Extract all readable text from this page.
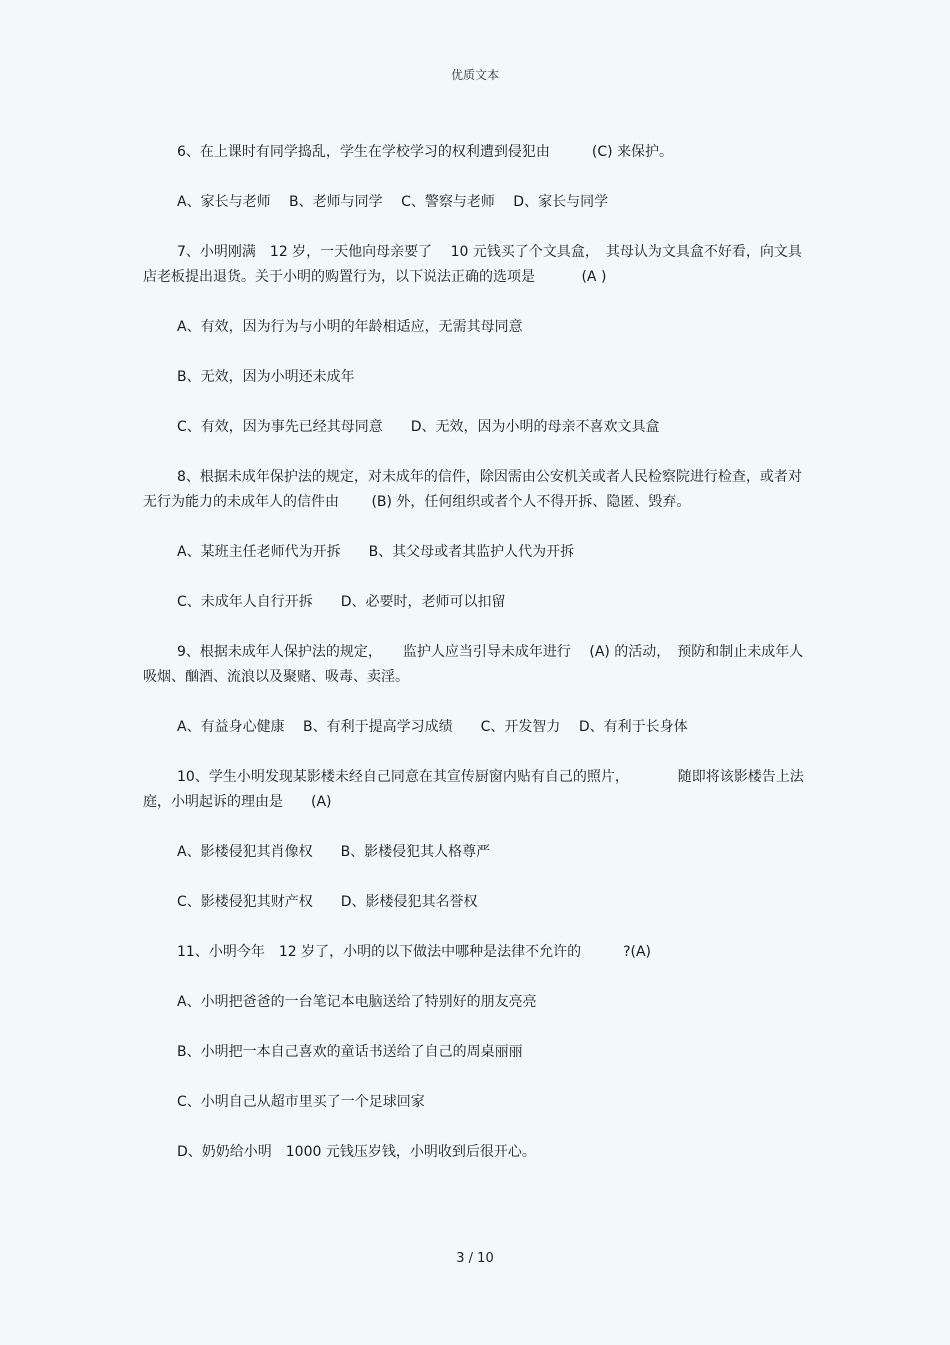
优质文本

6、在上课时有同学捣乱，学生在学校学习的权利遭到侵犯由　　　(C) 来保护。

A、家长与老师　 B、老师与同学　 C、警察与老师　 D、家长与同学

7、小明刚满　12 岁，一天他向母亲要了　 10 元钱买了个文具盒，　其母认为文具盒不好看，向文具店老板提出退货。关于小明的购置行为，以下说法正确的选项是　　　 (A )

A、有效，因为行为与小明的年龄相适应，无需其母同意

B、无效，因为小明还未成年

C、有效，因为事先已经其母同意　　D、无效，因为小明的母亲不喜欢文具盒

8、根据未成年保护法的规定，对未成年的信件，除因需由公安机关或者人民检察院进行检查，或者对无行为能力的未成年人的信件由　　 (B) 外，任何组织或者个人不得开拆、隐匿、毁弃。

A、某班主任老师代为开拆　　B、其父母或者其监护人代为开拆

C、未成年人自行开拆　　D、必要时，老师可以扣留

9、根据未成年人保护法的规定，　　监护人应当引导未成年进行　 (A) 的活动，　预防和制止未成年人吸烟、酗酒、流浪以及聚赌、吸毒、卖淫。

A、有益身心健康　 B、有利于提高学习成绩　　C、开发智力　 D、有利于长身体

10、学生小明发现某影楼未经自己同意在其宣传厨窗内贴有自己的照片，　　　　随即将该影楼告上法庭，小明起诉的理由是　　(A)

A、影楼侵犯其肖像权　　B、影楼侵犯其人格尊严

C、影楼侵犯其财产权　　D、影楼侵犯其名誉权

11、小明今年　12 岁了，小明的以下做法中哪种是法律不允许的　　　?(A)

A、小明把爸爸的一台笔记本电脑送给了特别好的朋友亮亮

B、小明把一本自己喜欢的童话书送给了自己的周桌丽丽

C、小明自己从超市里买了一个足球回家

D、奶奶给小明　1000 元钱压岁钱，小明收到后很开心。

3 / 10
